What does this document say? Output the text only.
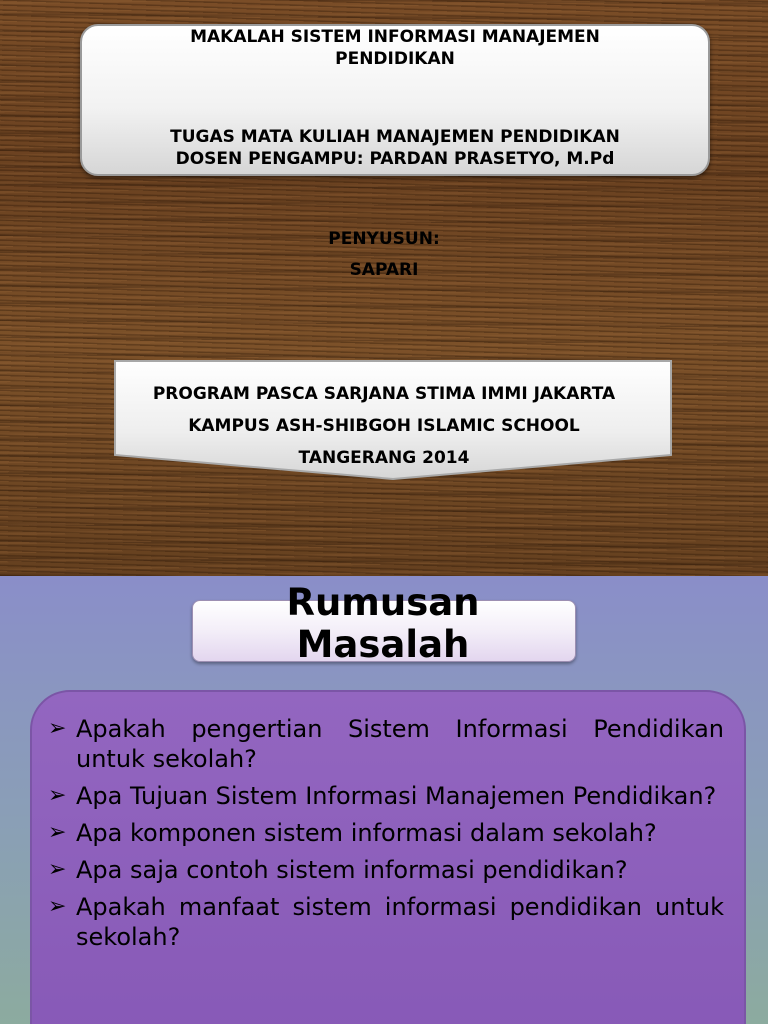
MAKALAH SISTEM INFORMASI MANAJEMEN
PENDIDIKAN
TUGAS MATA KULIAH MANAJEMEN PENDIDIKAN
DOSEN PENGAMPU: PARDAN PRASETYO, M.Pd
PENYUSUN:
SAPARI
PROGRAM PASCA SARJANA STIMA IMMI JAKARTA
KAMPUS ASH-SHIBGOH ISLAMIC SCHOOL
TANGERANG 2014
Rumusan
Masalah
➢ Apakah pengertian Sistem Informasi Pendidikan untuk sekolah?
➢ Apa Tujuan Sistem Informasi Manajemen Pendidikan?
➢ Apa komponen sistem informasi dalam sekolah?
➢ Apa saja contoh sistem informasi pendidikan?
➢ Apakah manfaat sistem informasi pendidikan untuk sekolah?
